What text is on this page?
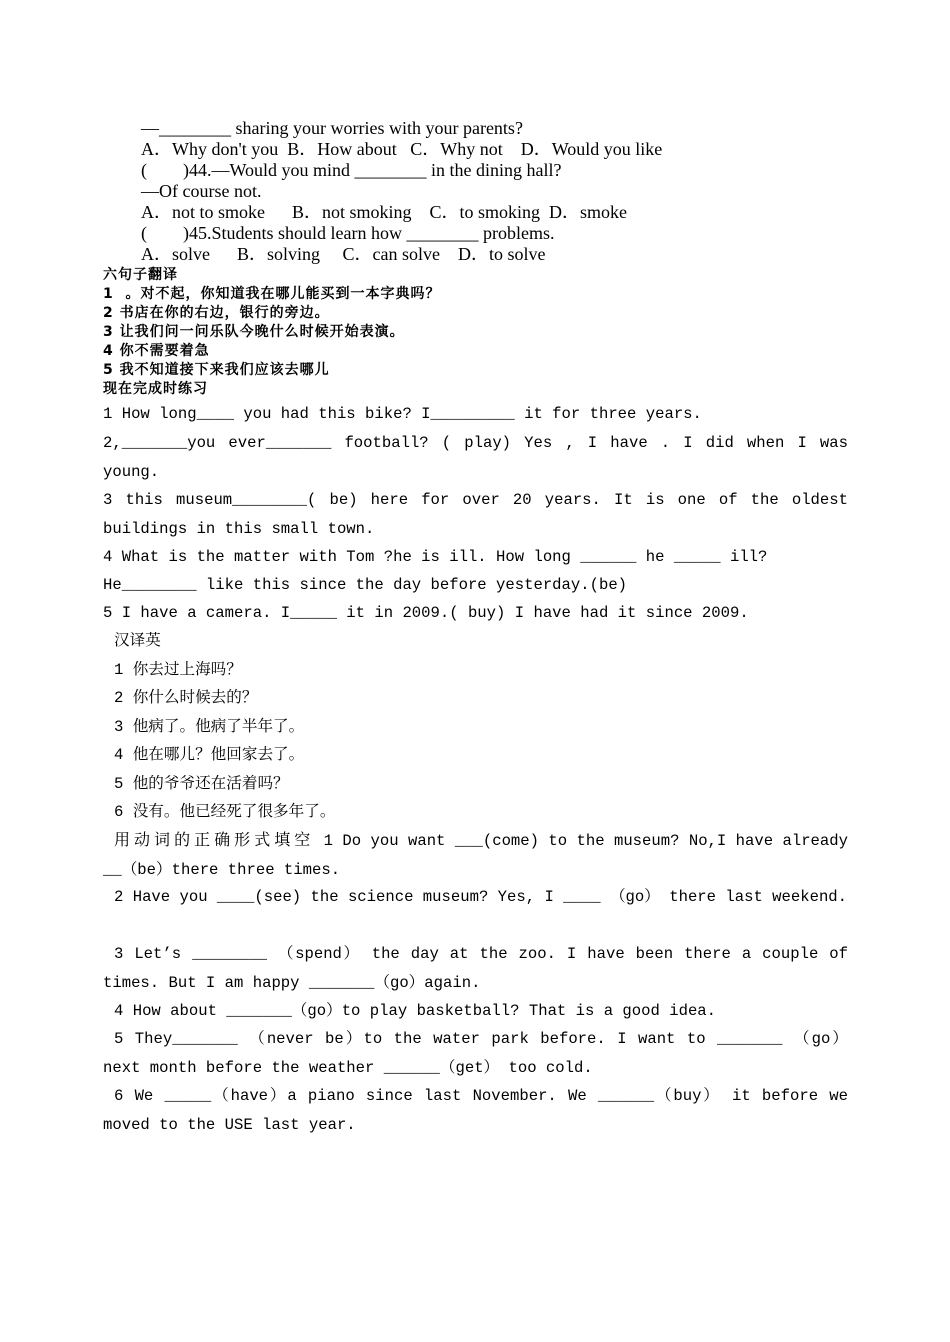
—________ sharing your worries with your parents?
A．Why don't you  B．How about   C．Why not    D．Would you like
(        )44.—Would you mind ________ in the dining hall?
—Of course not.
A．not to smoke      B．not smoking    C．to smoking  D．smoke
(        )45.Students should learn how ________ problems.
A．solve      B．solving     C．can solve    D．to solve
六句子翻译
1  。对不起，你知道我在哪儿能买到一本字典吗？
2 书店在你的右边，银行的旁边。
3 让我们问一问乐队今晚什么时候开始表演。
4 你不需要着急
5 我不知道接下来我们应该去哪儿
现在完成时练习
1 How long____ you had this bike? I_________ it for three years.
2,_______you ever_______ football? ( play) Yes , I have . I did when I was young.
3 this museum________( be) here for over 20 years. It is one of the oldest buildings in this small town.
4 What is the matter with Tom ?he is ill. How long ______ he _____ ill?
He________ like this since the day before yesterday.(be)
5 I have a camera. I_____ it in 2009.( buy) I have had it since 2009.
汉译英
1 你去过上海吗？
2 你什么时候去的？
3 他病了。他病了半年了。
4 他在哪儿？他回家去了。
5 他的爷爷还在活着吗？
6 没有。他已经死了很多年了。
用动词的正确形式填空 1 Do you want ___(come) to the museum? No,I have already __（be）there three times.
2 Have you ____(see) the science museum? Yes, I ____ （go） there last weekend.
3 Let’s ________ （spend） the day at the zoo. I have been there a couple of times. But I am happy _______（go）again.
4 How about _______（go）to play basketball? That is a good idea.
5 They_______ （never be）to the water park before. I want to _______ （go） next month before the weather ______（get） too cold.
6 We _____（have）a piano since last November. We ______（buy） it before we moved to the USE last year.
